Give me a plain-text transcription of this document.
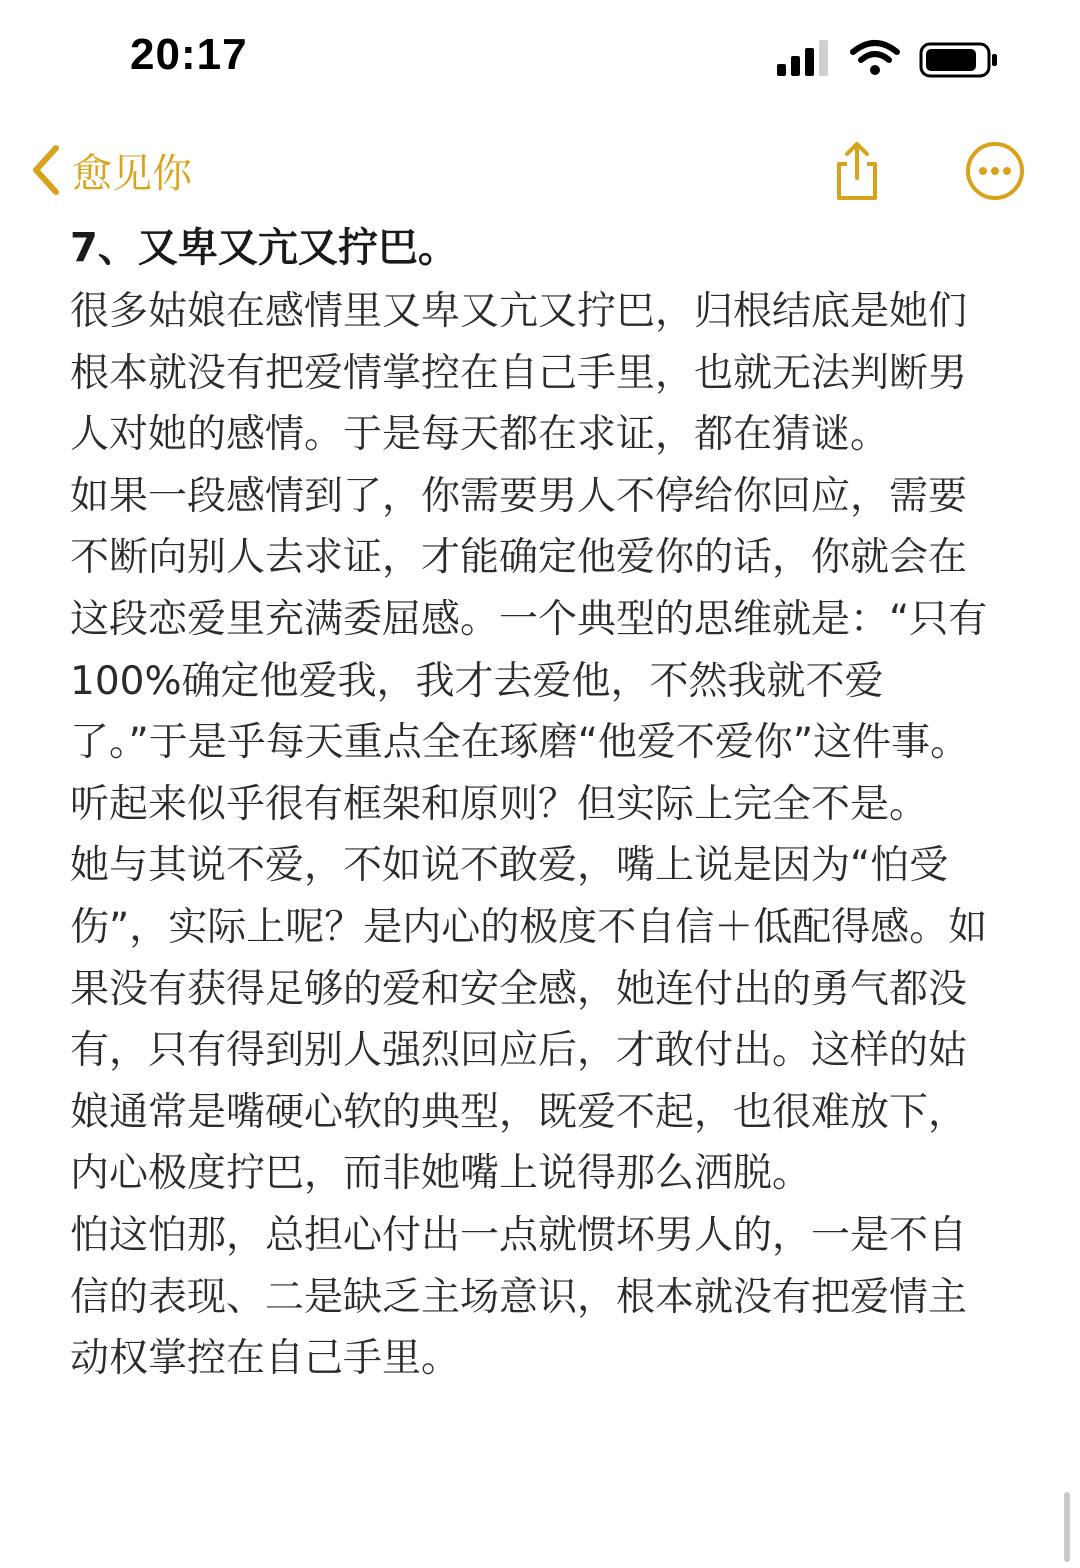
20:17
愈见你
7、又卑又亢又拧巴。

很多姑娘在感情里又卑又亢又拧巴，归根结底是她们根本就没有把爱情掌控在自己手里，也就无法判断男人对她的感情。于是每天都在求证，都在猜谜。

如果一段感情到了，你需要男人不停给你回应，需要不断向别人去求证，才能确定他爱你的话，你就会在这段恋爱里充满委屈感。一个典型的思维就是：“只有100%确定他爱我，我才去爱他，不然我就不爱了。”于是乎每天重点全在琢磨“他爱不爱你”这件事。听起来似乎很有框架和原则？但实际上完全不是。

她与其说不爱，不如说不敢爱，嘴上说是因为“怕受伤”，实际上呢？是内心的极度不自信＋低配得感。如果没有获得足够的爱和安全感，她连付出的勇气都没有，只有得到别人强烈回应后，才敢付出。这样的姑娘通常是嘴硬心软的典型，既爱不起，也很难放下，内心极度拧巴，而非她嘴上说得那么洒脱。

怕这怕那，总担心付出一点就惯坏男人的，一是不自信的表现、二是缺乏主场意识，根本就没有把爱情主动权掌控在自己手里。
